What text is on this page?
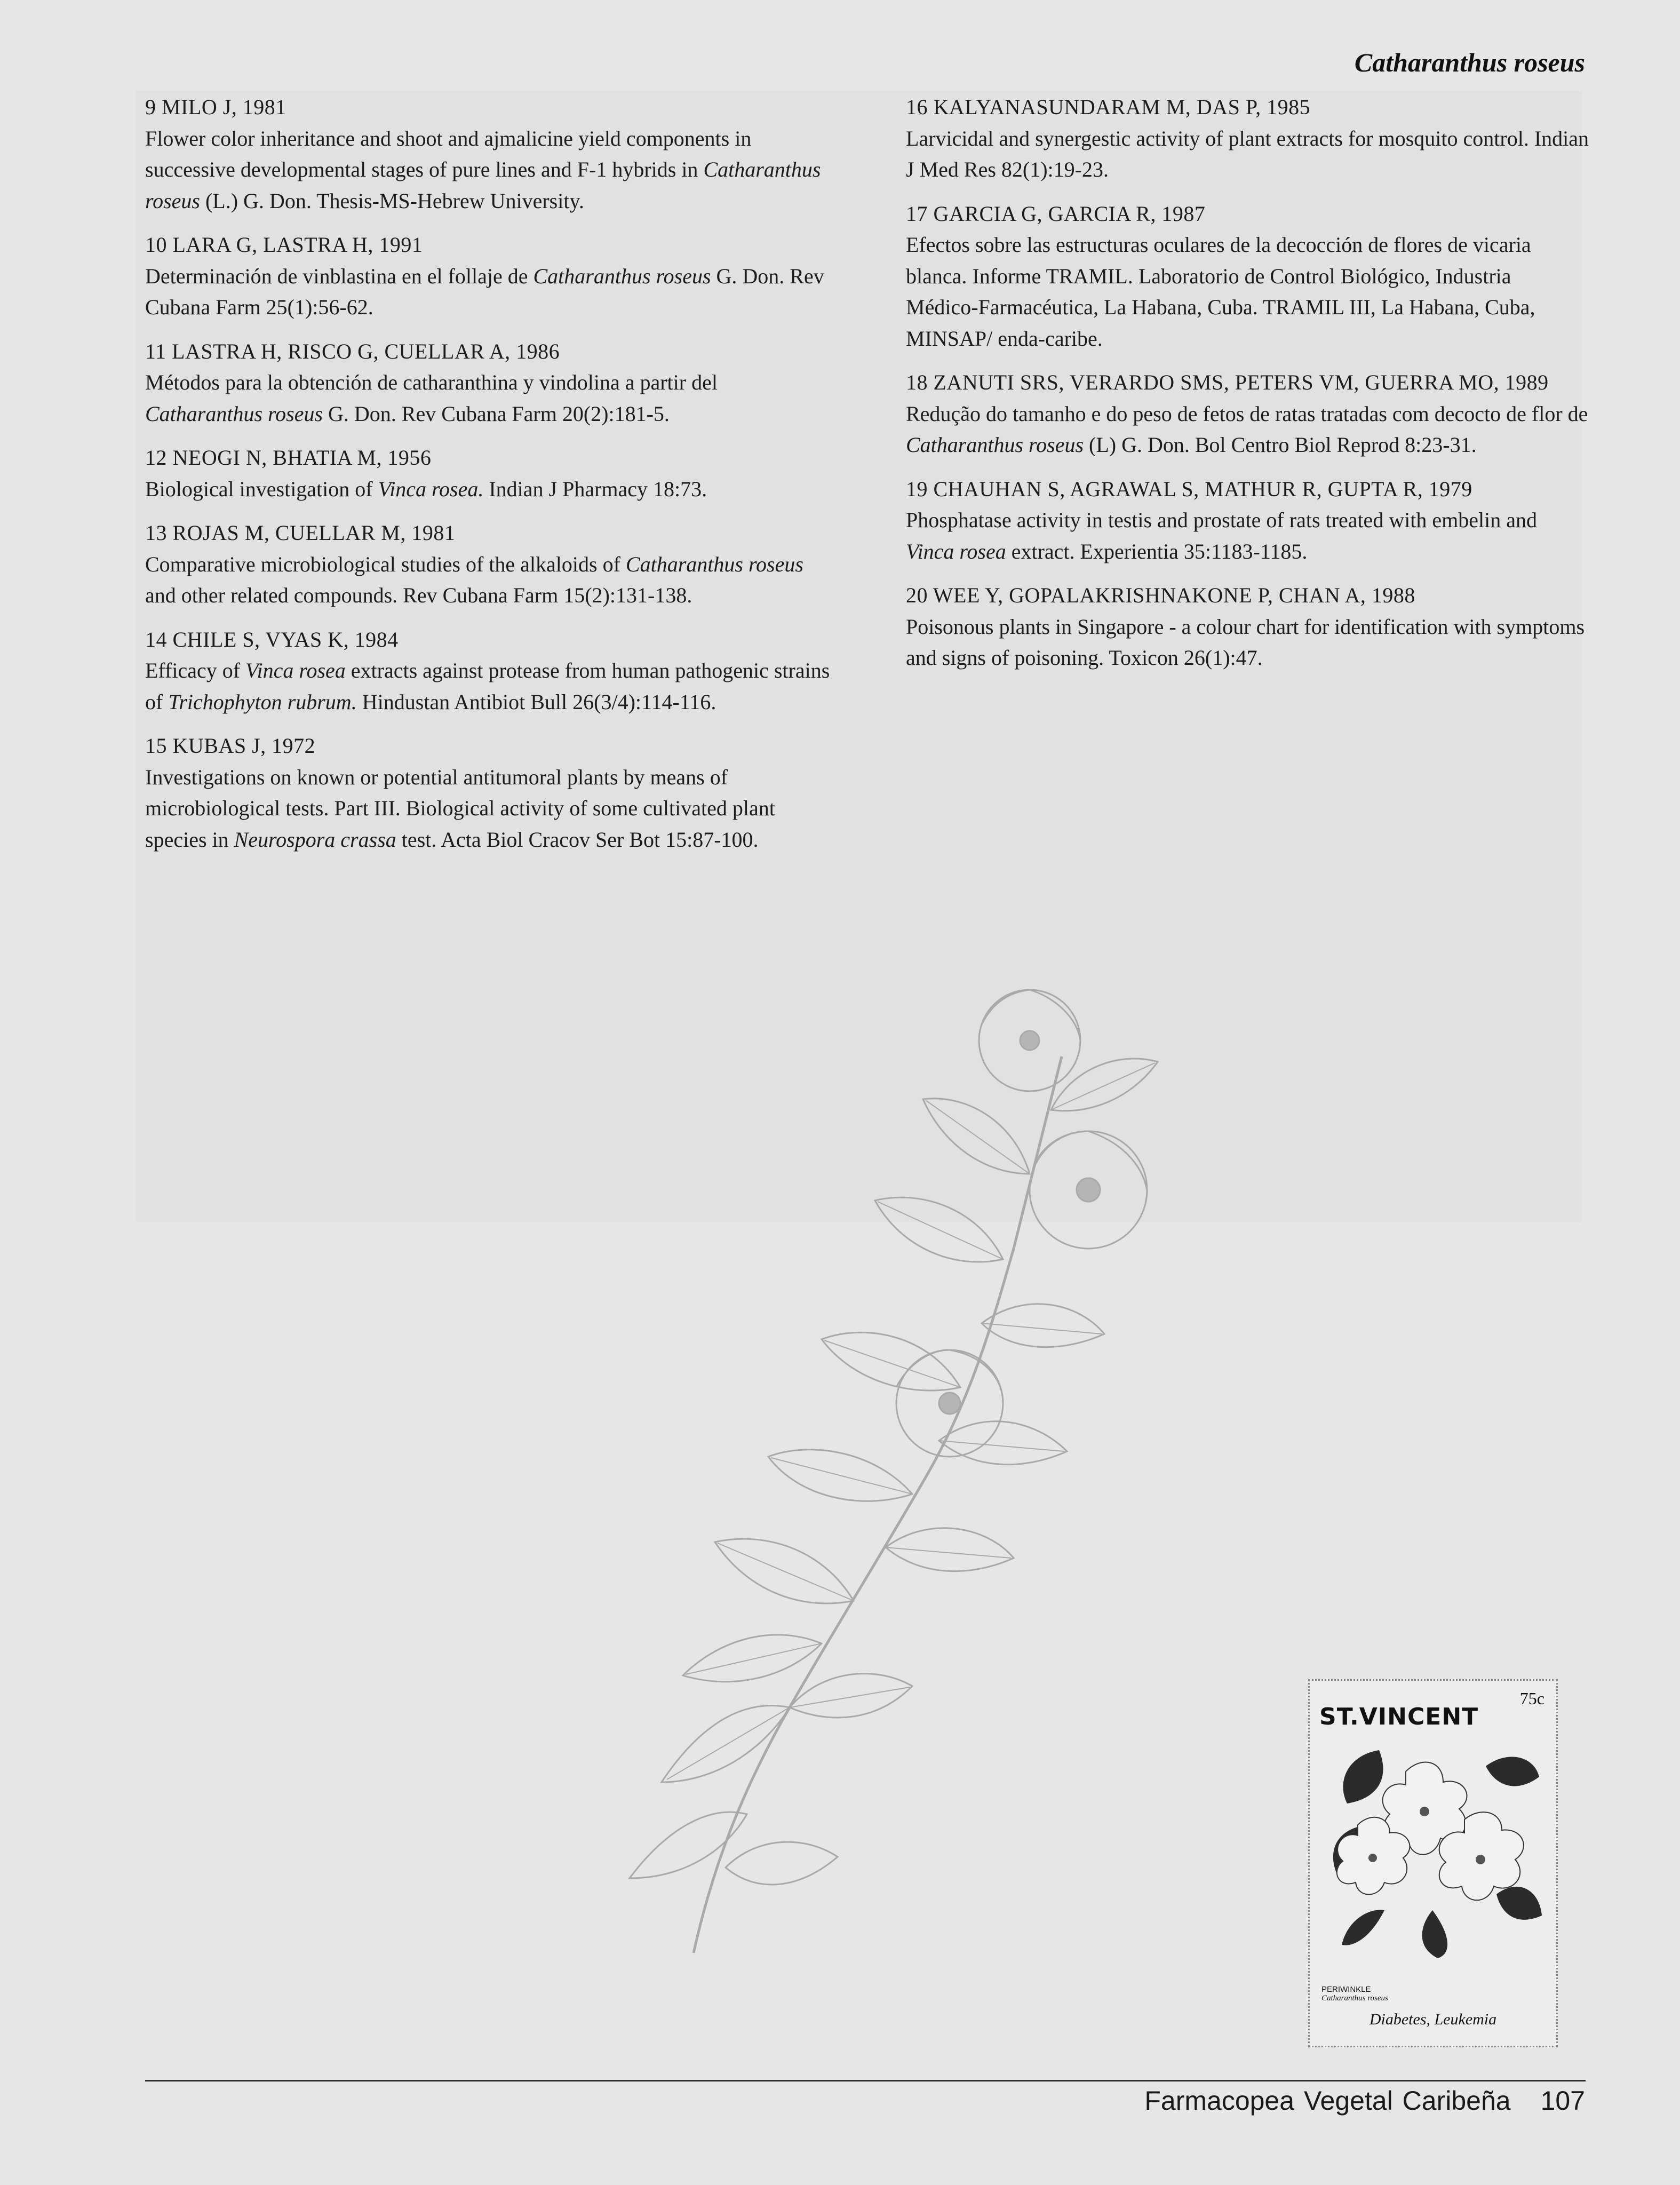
Catharanthus roseus
9 MILO J, 1981
Flower color inheritance and shoot and ajmalicine yield components in successive developmental stages of pure lines and F-1 hybrids in Catharanthus roseus (L.) G. Don. Thesis-MS-Hebrew University.
10 LARA G, LASTRA H, 1991
Determinación de vinblastina en el follaje de Catharanthus roseus G. Don. Rev Cubana Farm 25(1):56-62.
11 LASTRA H, RISCO G, CUELLAR A, 1986
Métodos para la obtención de catharanthina y vindolina a partir del Catharanthus roseus G. Don. Rev Cubana Farm 20(2):181-5.
12 NEOGI N, BHATIA M, 1956
Biological investigation of Vinca rosea. Indian J Pharmacy 18:73.
13 ROJAS M, CUELLAR M, 1981
Comparative microbiological studies of the alkaloids of Catharanthus roseus and other related compounds. Rev Cubana Farm 15(2):131-138.
14 CHILE S, VYAS K, 1984
Efficacy of Vinca rosea extracts against protease from human pathogenic strains of Trichophyton rubrum. Hindustan Antibiot Bull 26(3/4):114-116.
15 KUBAS J, 1972
Investigations on known or potential antitumoral plants by means of microbiological tests. Part III. Biological activity of some cultivated plant species in Neurospora crassa test. Acta Biol Cracov Ser Bot 15:87-100.
16 KALYANASUNDARAM M, DAS P, 1985
Larvicidal and synergestic activity of plant extracts for mosquito control. Indian J Med Res 82(1):19-23.
17 GARCIA G, GARCIA R, 1987
Efectos sobre las estructuras oculares de la decocción de flores de vicaria blanca. Informe TRAMIL. Laboratorio de Control Biológico, Industria Médico-Farmacéutica, La Habana, Cuba. TRAMIL III, La Habana, Cuba, MINSAP/ enda-caribe.
18 ZANUTI SRS, VERARDO SMS, PETERS VM, GUERRA MO, 1989
Redução do tamanho e do peso de fetos de ratas tratadas com decocto de flor de Catharanthus roseus (L) G. Don. Bol Centro Biol Reprod 8:23-31.
19 CHAUHAN S, AGRAWAL S, MATHUR R, GUPTA R, 1979
Phosphatase activity in testis and prostate of rats treated with embelin and Vinca rosea extract. Experientia 35:1183-1185.
20 WEE Y, GOPALAKRISHNAKONE P, CHAN A, 1988
Poisonous plants in Singapore - a colour chart for identification with symptoms and signs of poisoning. Toxicon 26(1):47.
ST.VINCENT
75c
PERIWINKLE
Catharanthus roseus
Diabetes, Leukemia
Farmacopea Vegetal Caribeña 107
